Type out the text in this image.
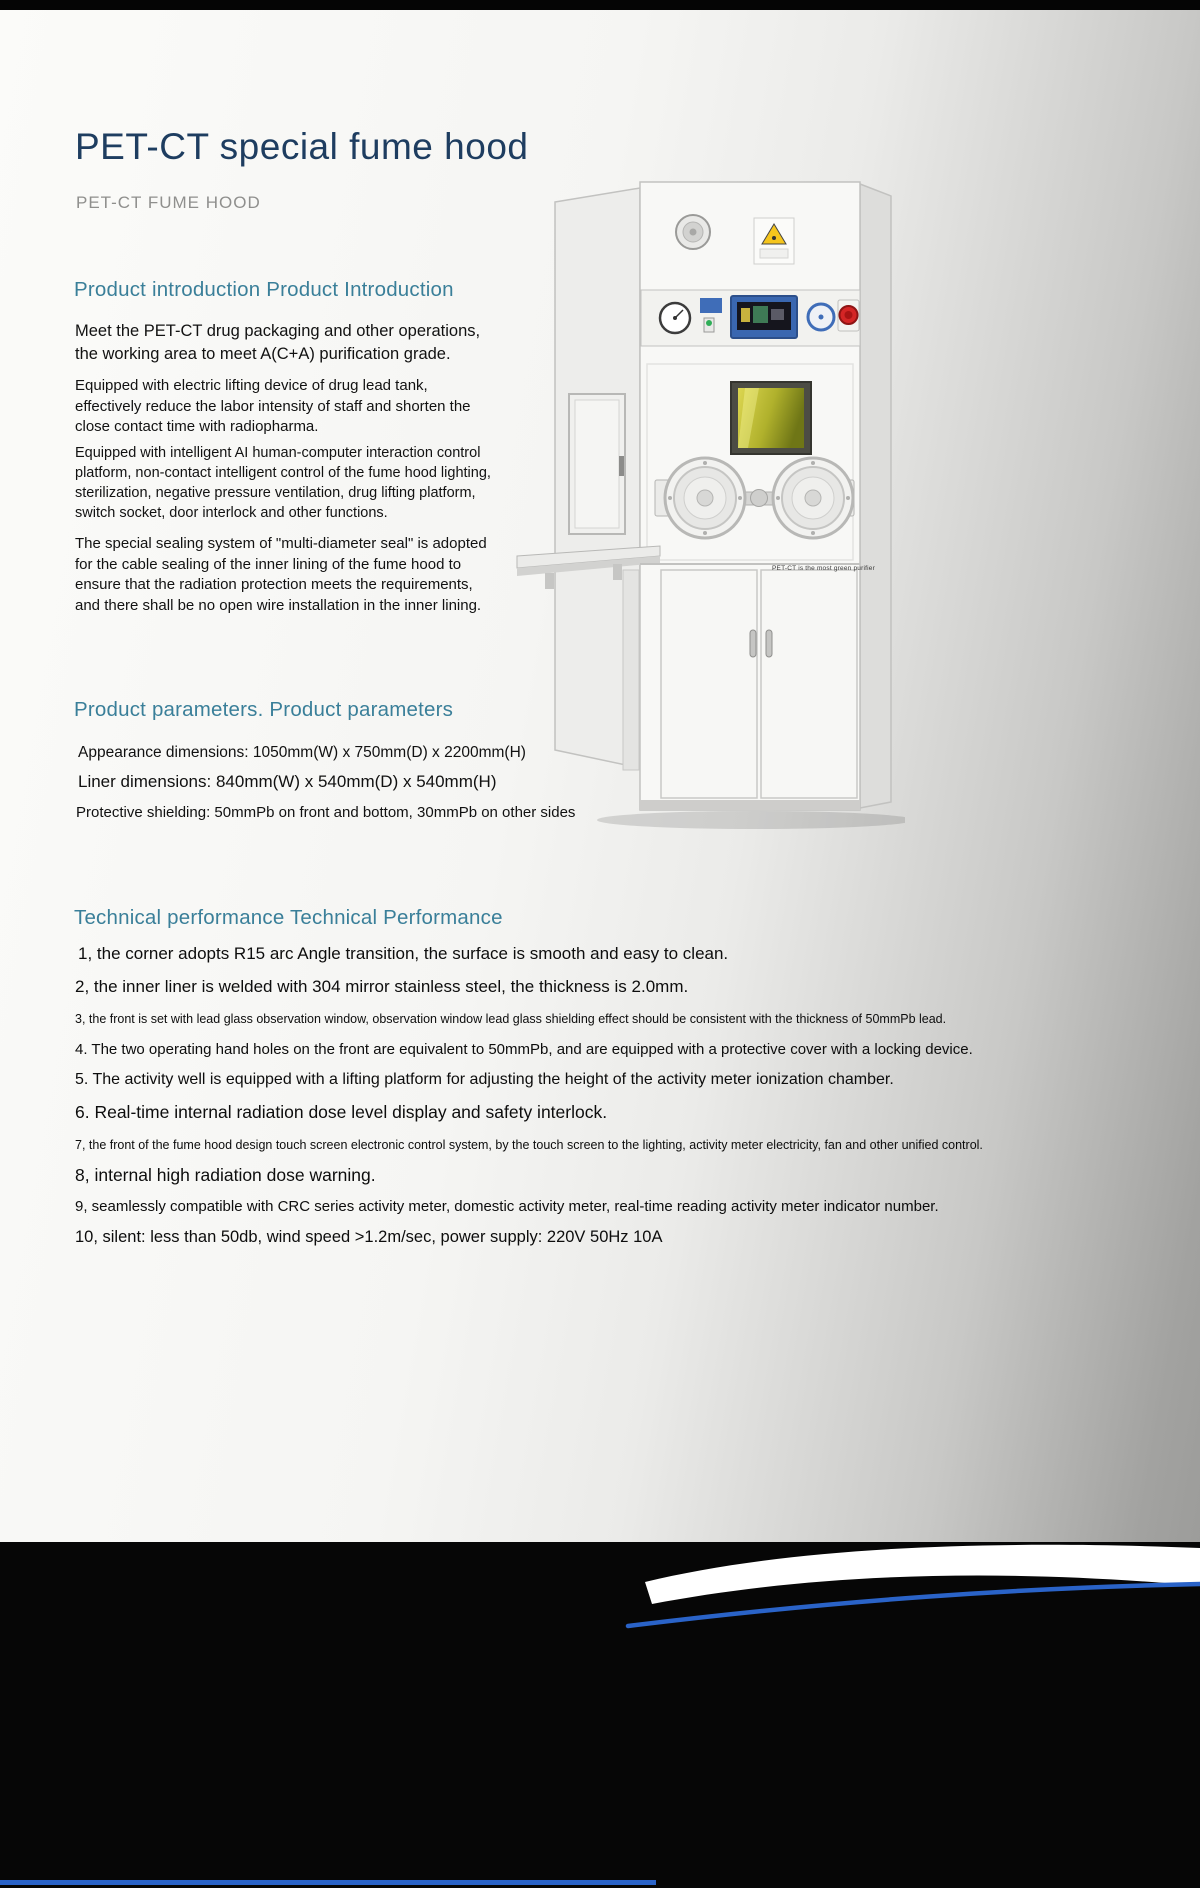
PET-CT special fume hood
PET-CT FUME HOOD
Product introduction Product Introduction

Meet the PET-CT drug packaging and other operations, the working area to meet A(C+A) purification grade.

Equipped with electric lifting device of drug lead tank, effectively reduce the labor intensity of staff and shorten the close contact time with radiopharma.

Equipped with intelligent AI human-computer interaction control platform, non-contact intelligent control of the fume hood lighting, sterilization, negative pressure ventilation, drug lifting platform, switch socket, door interlock and other functions.

The special sealing system of "multi-diameter seal" is adopted for the cable sealing of the inner lining of the fume hood to ensure that the radiation protection meets the requirements, and there shall be no open wire installation in the inner lining.

Product parameters. Product parameters
Appearance dimensions: 1050mm(W) x 750mm(D) x 2200mm(H)
Liner dimensions: 840mm(W) x 540mm(D) x 540mm(H)
Protective shielding: 50mmPb on front and bottom, 30mmPb on other sides
Technical performance Technical Performance
1, the corner adopts R15 arc Angle transition, the surface is smooth and easy to clean.
2, the inner liner is welded with 304 mirror stainless steel, the thickness is 2.0mm.
3, the front is set with lead glass observation window, observation window lead glass shielding effect should be consistent with the thickness of 50mmPb lead.
4. The two operating hand holes on the front are equivalent to 50mmPb, and are equipped with a protective cover with a locking device.
5. The activity well is equipped with a lifting platform for adjusting the height of the activity meter ionization chamber.
6. Real-time internal radiation dose level display and safety interlock.
7, the front of the fume hood design touch screen electronic control system, by the touch screen to the lighting, activity meter electricity, fan and other unified control.
8, internal high radiation dose warning.
9, seamlessly compatible with CRC series activity meter, domestic activity meter, real-time reading activity meter indicator number.
10, silent: less than 50db, wind speed >1.2m/sec, power supply: 220V 50Hz 10A
PET-CT is the most green purifier
